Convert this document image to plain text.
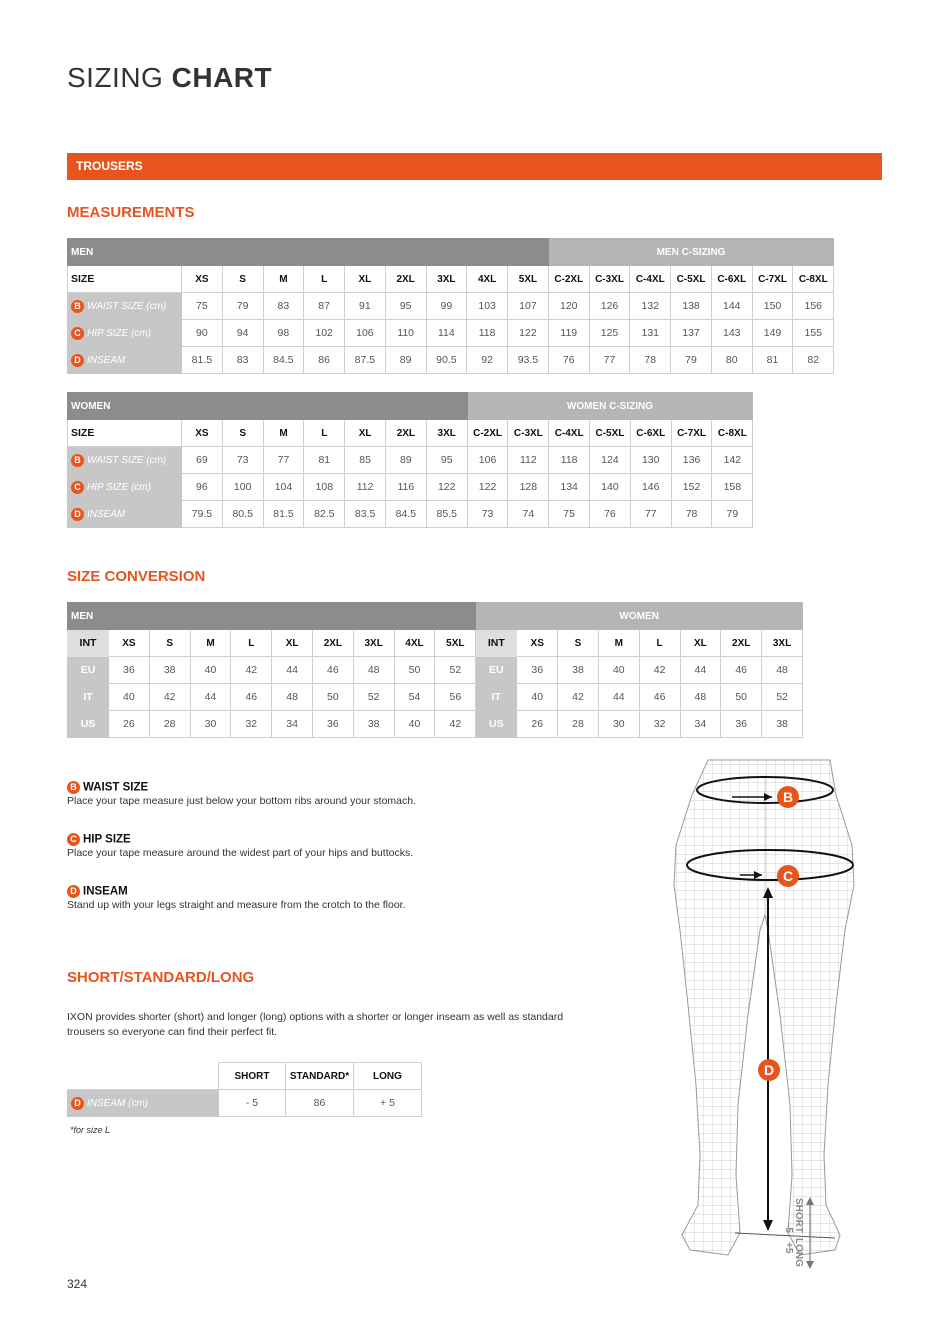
SIZING CHART
TROUSERS
MEASUREMENTS
MEN										MEN C-SIZING						
SIZE	XS	S	M	L	XL	2XL	3XL	4XL	5XL	C-2XL	C-3XL	C-4XL	C-5XL	C-6XL	C-7XL	C-8XL
B WAIST SIZE (cm)	75	79	83	87	91	95	99	103	107	120	126	132	138	144	150	156
C HIP SIZE (cm)	90	94	98	102	106	110	114	118	122	119	125	131	137	143	149	155
D INSEAM	81.5	83	84.5	86	87.5	89	90.5	92	93.5	76	77	78	79	80	81	82
WOMEN								WOMEN C-SIZING						
SIZE	XS	S	M	L	XL	2XL	3XL	C-2XL	C-3XL	C-4XL	C-5XL	C-6XL	C-7XL	C-8XL
B WAIST SIZE (cm)	69	73	77	81	85	89	95	106	112	118	124	130	136	142
C HIP SIZE (cm)	96	100	104	108	112	116	122	122	128	134	140	146	152	158
D INSEAM	79.5	80.5	81.5	82.5	83.5	84.5	85.5	73	74	75	76	77	78	79
SIZE CONVERSION
MEN										WOMEN							
INT	XS	S	M	L	XL	2XL	3XL	4XL	5XL	INT	XS	S	M	L	XL	2XL	3XL
EU	36	38	40	42	44	46	48	50	52	EU	36	38	40	42	44	46	48
IT	40	42	44	46	48	50	52	54	56	IT	40	42	44	46	48	50	52
US	26	28	30	32	34	36	38	40	42	US	26	28	30	32	34	36	38
B WAIST SIZE
Place your tape measure just below your bottom ribs around your stomach.
C HIP SIZE
Place your tape measure around the widest part of your hips and buttocks.
D INSEAM
Stand up with your legs straight and measure from the crotch to the floor.
SHORT/STANDARD/LONG
IXON provides shorter (short) and longer (long) options with a shorter or longer inseam as well as standard trousers so everyone can find their perfect fit.
	SHORT	STANDARD*	LONG
D INSEAM (cm)	- 5	86	+ 5
*for size L
324
B
C
D
SHORT
LONG
-5
+5
